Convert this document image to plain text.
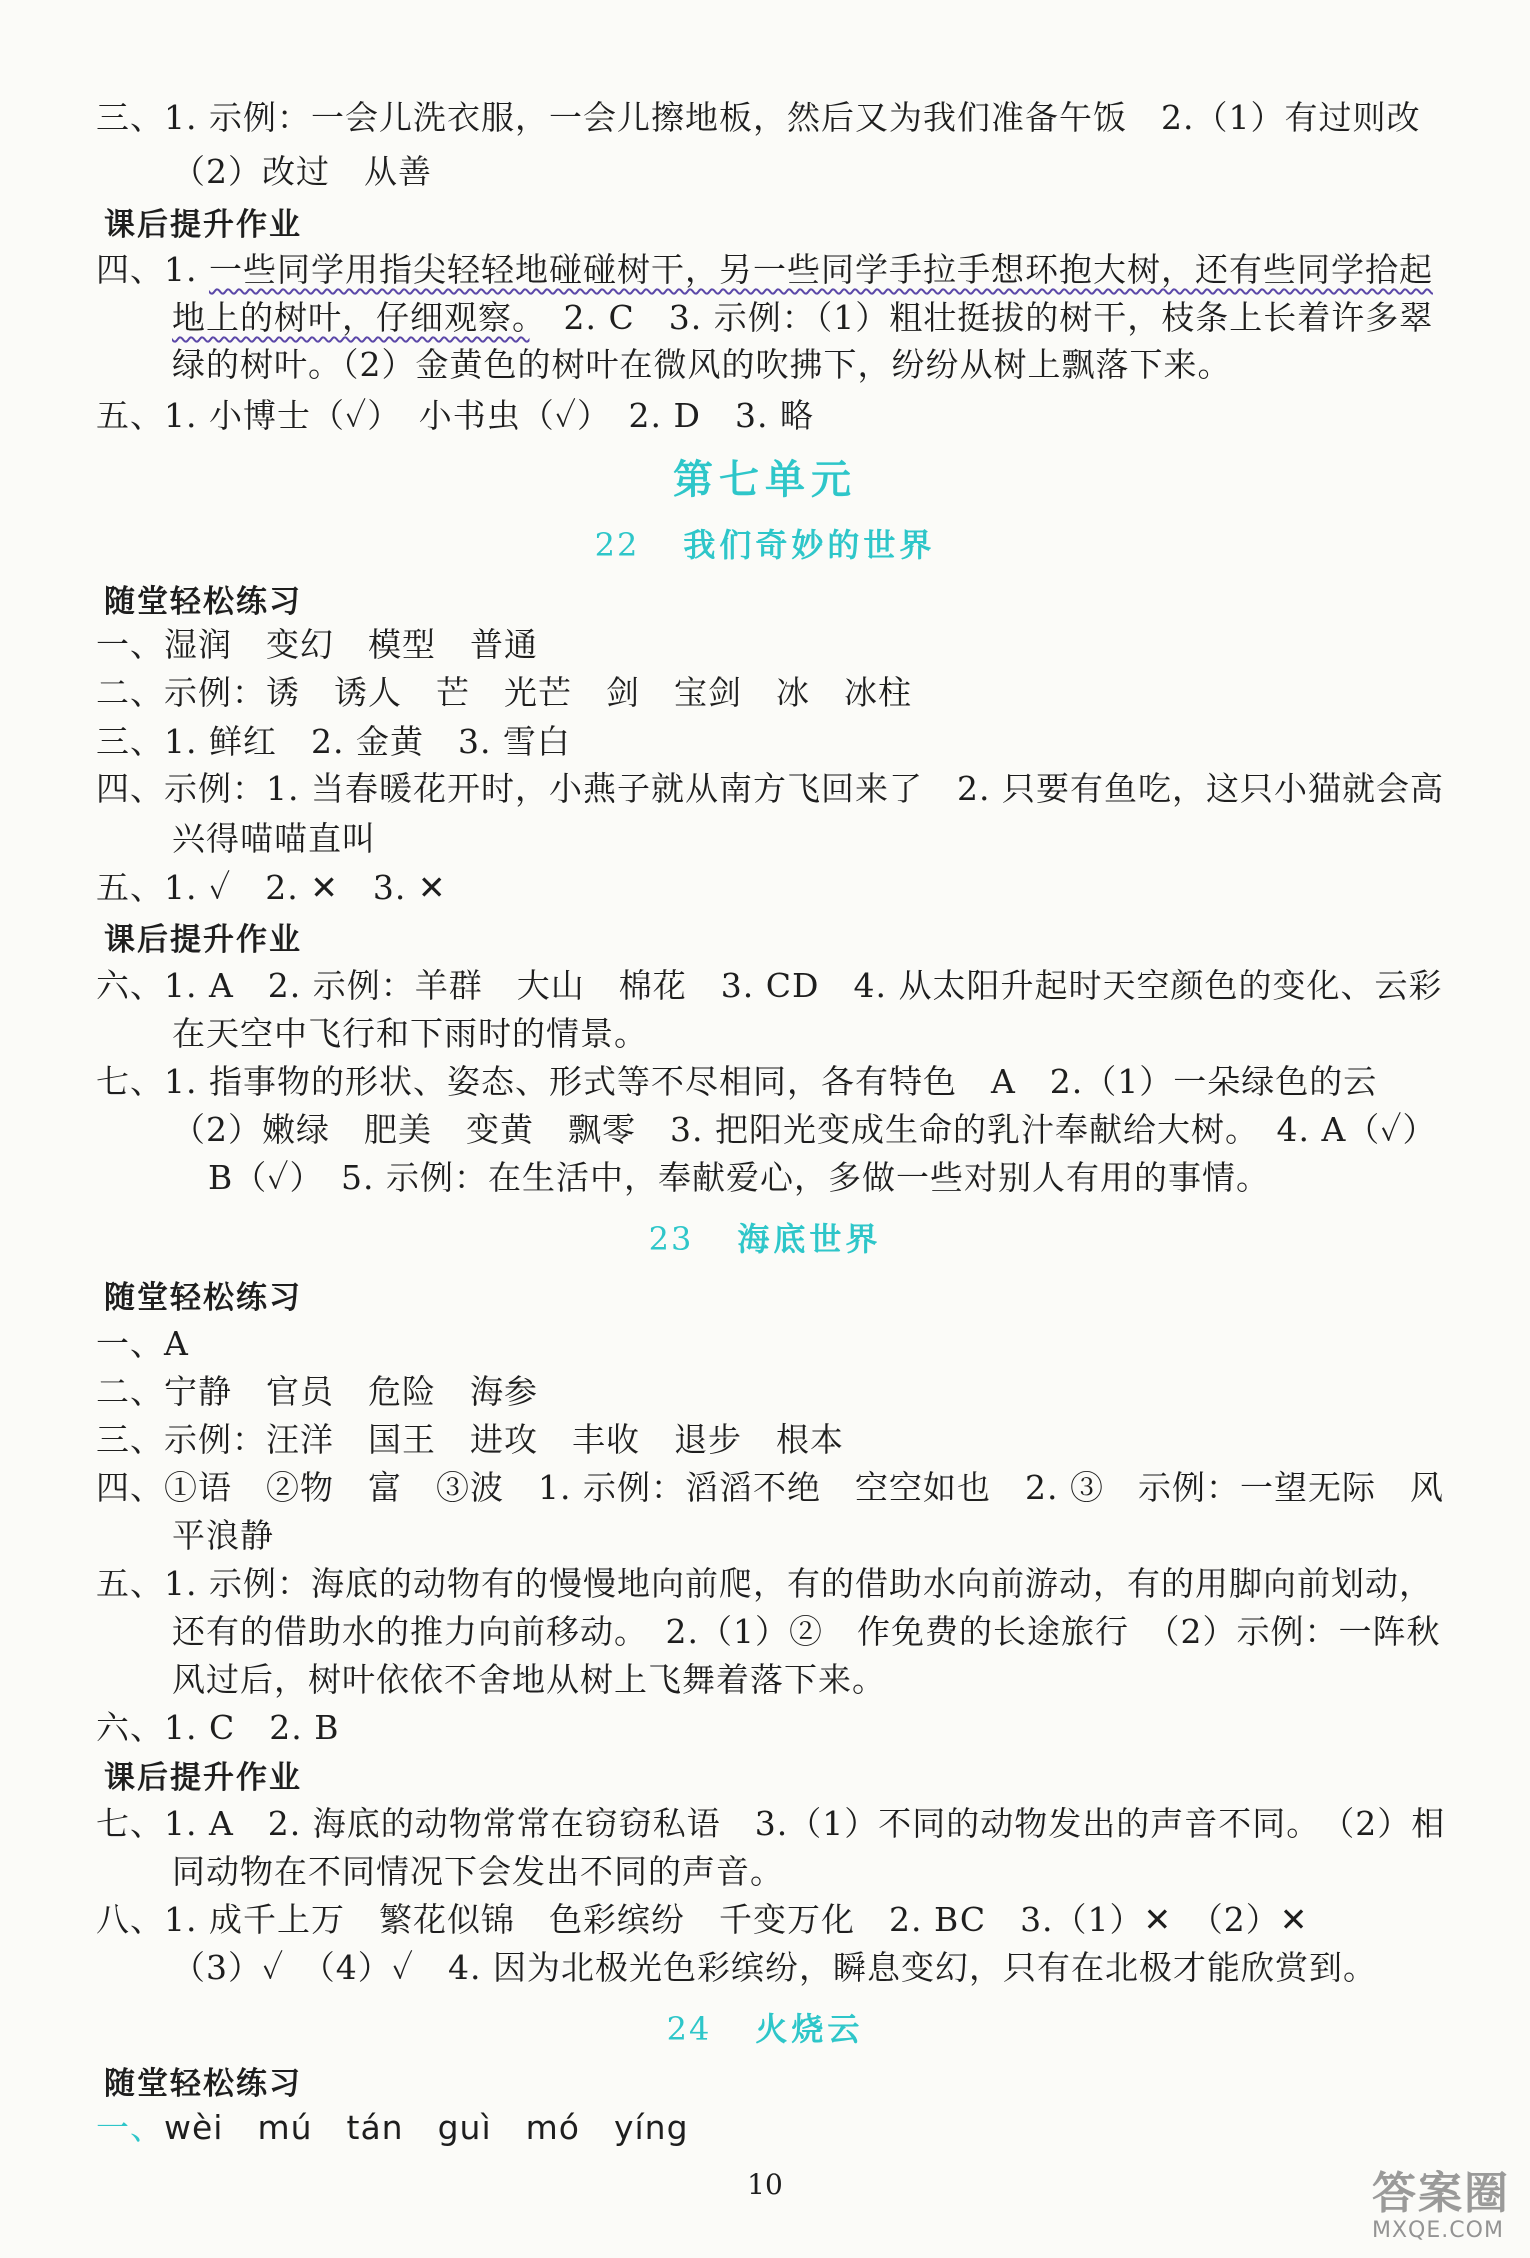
三、1. 示例：一会儿洗衣服，一会儿擦地板，然后又为我们准备午饭　2.（1）有过则改
（2）改过　从善
课后提升作业
四、1. 一些同学用指尖轻轻地碰碰树干，另一些同学手拉手想环抱大树，还有些同学拾起
地上的树叶，仔细观察。　2. C　3. 示例：（1）粗壮挺拔的树干，枝条上长着许多翠
绿的树叶。（2）金黄色的树叶在微风的吹拂下，纷纷从树上飘落下来。
五、1. 小博士（✓）　小书虫（✓）　2. D　3. 略
第七单元
22 我们奇妙的世界
随堂轻松练习
一、湿润　变幻　模型　普通
二、示例：诱　诱人　芒　光芒　剑　宝剑　冰　冰柱
三、1. 鲜红　2. 金黄　3. 雪白
四、示例：1. 当春暖花开时，小燕子就从南方飞回来了　2. 只要有鱼吃，这只小猫就会高
兴得喵喵直叫
五、1. ✓　2. ✕　3. ✕
课后提升作业
六、1. A　2. 示例：羊群　大山　棉花　3. CD　4. 从太阳升起时天空颜色的变化、云彩
在天空中飞行和下雨时的情景。
七、1. 指事物的形状、姿态、形式等不尽相同，各有特色　A　2.（1）一朵绿色的云
（2）嫩绿　肥美　变黄　飘零　3. 把阳光变成生命的乳汁奉献给大树。　4. A（✓）
B（✓）　5. 示例：在生活中，奉献爱心，多做一些对别人有用的事情。
23 海底世界
随堂轻松练习
一、A
二、宁静　官员　危险　海参
三、示例：汪洋　国王　进攻　丰收　退步　根本
四、①语　②物　富　③波　1. 示例：滔滔不绝　空空如也　2. ③　示例：一望无际　风
平浪静
五、1. 示例：海底的动物有的慢慢地向前爬，有的借助水向前游动，有的用脚向前划动，
还有的借助水的推力向前移动。　2.（1）②　作免费的长途旅行　（2）示例：一阵秋
风过后，树叶依依不舍地从树上飞舞着落下来。
六、1. C　2. B
课后提升作业
七、1. A　2. 海底的动物常常在窃窃私语　3.（1）不同的动物发出的声音不同。　（2）相
同动物在不同情况下会发出不同的声音。
八、1. 成千上万　繁花似锦　色彩缤纷　千变万化　2. BC　3.（1）✕　（2）✕
（3）✓　（4）✓　4. 因为北极光色彩缤纷，瞬息变幻，只有在北极才能欣赏到。
24 火烧云
随堂轻松练习
一、wèi　mú　tán　guì　mó　yíng
10	答案圈
MXQE.COM
